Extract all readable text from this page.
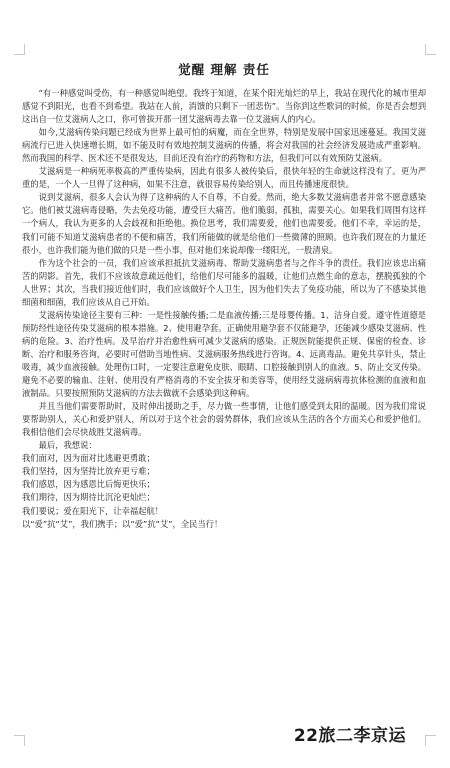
觉醒 理解 责任

“有一种感觉叫受伤，有一种感觉叫绝望。我终于知道，在某个阳光灿烂的早上，我站在现代化的城市里却感觉不到阳光，也看不到希望。我站在人前，消馈的只剩下一团悲伤”。当你到这些歌词的时候，你是否会想到这出自一位艾滋病人之口，你可曾拔开那一团艾滋病毒去靠一位艾滋病人的内心。

如今,艾滋病传染问题已经成为世界上最可怕的病魔，而在全世界，特别是发展中国家迅速蔓延。我国艾滋病流行已进入快速增长期，如不能及时有效地控制艾滋病的传播，将会对我国的社会经济发展造成严重影响。然而我国的科学、医术还不是很发达，目前还没有治疗的药物和方法，但我们可以有效预防艾滋病。

艾滋病是一种病死率极高的严重传染病，因此有很多人被传染后，很快年轻的生命就这样没有了。更为严重的是，一个人一旦得了这种病，如果不注意，就很容易传染给别人，而且传播速度很快。

说到艾滋病，很多人会认为得了这种病的人不自尊，不自爱。然而，绝大多数艾滋病患者并常不愿意感染它。他们被艾滋病毒侵略，失去免疫功能，遭受巨大痛苦。他们脆弱，孤独，需要关心。如果我们周围有这样一个病人，我认为更多的人会歧视和拒绝他。换位思考，我们需要爱，他们也需要爱。他们不幸，幸运的是，我们可能不知道艾滋病患者的不便和痛苦，我们所能做的就是给他们一些微薄的照顾。也许我们现在的力量还很小，也许我们能为他们做的只是一些小事，但对他们来说却像一缕阳光，一股清泉。

作为这个社会的一员，我们应该承担抵抗艾滋病毒、帮助艾滋病患者与之作斗争的责任。我们应该忠出痛苦的阴影。首先，我们不应该故意疏远他们，给他们尽可能多的温暖，让他们点燃生命的意志，摆脱孤独的个人世界；其次，当我们接近他们时，我们应该做好个人卫生，因为他们失去了免疫功能，所以为了不感染其他细菌和细菌，我们应该从自己开始。

艾滋病传染途径主要有三种：一是性接触传播;二是血液传播;三是母婴传播。1、洁身自爱。遵守性道德是预防经性途径传染艾滋病的根本措施。2、使用避孕套。正确使用避孕套不仅能避孕，还能减少感染艾滋病、性病的危险。3、治疗性病。及早治疗并治愈性病可减少艾滋病的感染。正规医院能提供正规、保密的检查、诊断、治疗和服务咨询，必要时可借助当地性病、艾滋病服务热线进行咨询。4、远离毒品。避免共享针头，禁止吸毒，减少血液接触。处理伤口时，一定要注意避免皮肤、眼睛、口腔接触到别人的血液。5、防止交叉传染。避免不必要的输血、注射、使用没有严格消毒的不安全拔牙和美容等，使用经艾滋病病毒抗体检测的血液和血液制品。只要按照预防艾滋病的方法去做就不会感染到这种病。

并且当他们需要帮助时，及时伸出援助之手，尽力做一些事情，让他们感受到太阳的温暖。因为我们常说要帮助别人，关心和爱护别人，所以对于这个社会的弱势群体，我们应该从生活的各个方面关心和爱护他们。我相信他们会尽快战胜艾滋病毒。

最后，我想说：
我们面对，因为面对比逃避更勇敢；
我们坚持，因为坚持比放弃更亏难；
我们感恩，因为感恩比后悔更快乐；
我们期待，因为期待比沉沦更灿烂；
我们要说；爱在阳光下，让幸福起航！
以“爱”抗“艾”，我们携手；以“爱”抗“艾”，全民当行！
22旅二李京运
